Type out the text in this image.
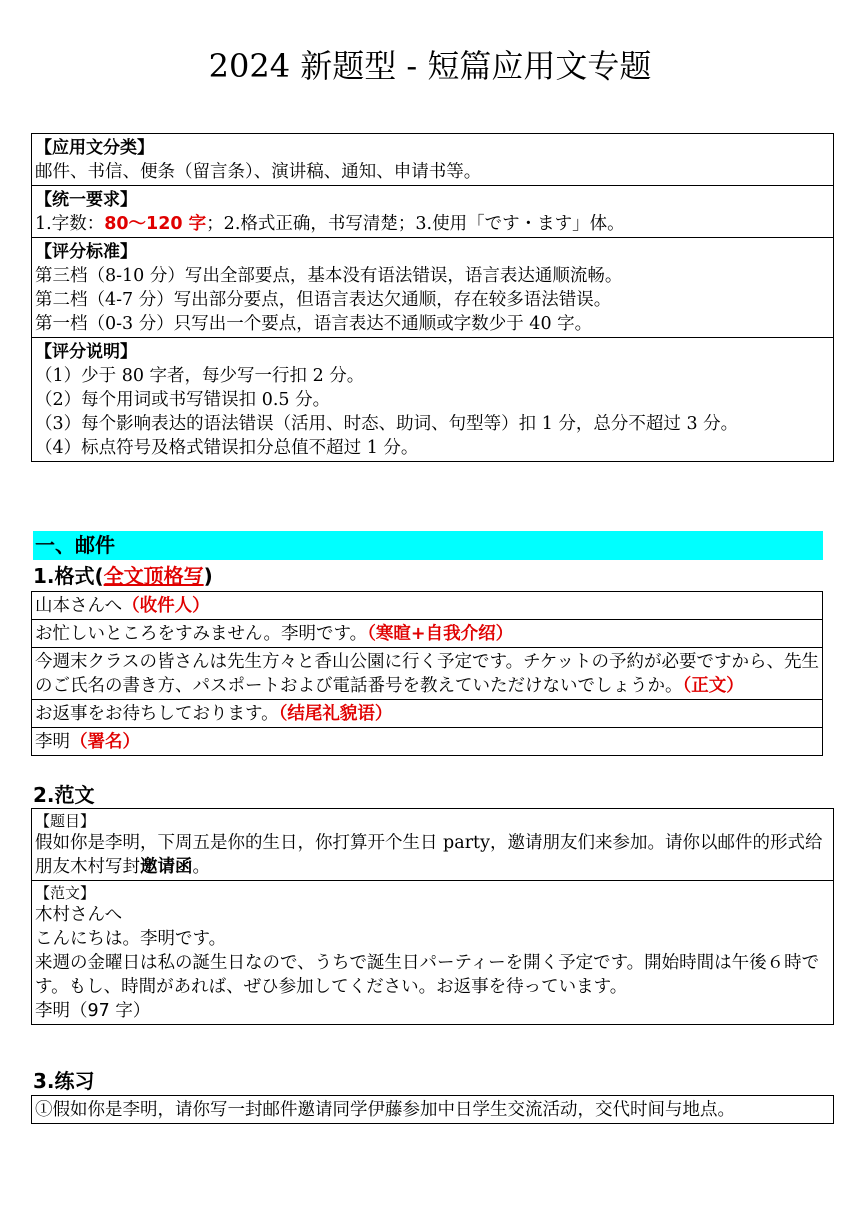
2024 新题型 - 短篇应用文专题
【应用文分类】
邮件、书信、便条（留言条）、演讲稿、通知、申请书等。
【统一要求】
1.字数：80～120 字；2.格式正确，书写清楚；3.使用「です・ます」体。
【评分标准】
第三档（8-10 分）写出全部要点，基本没有语法错误，语言表达通顺流畅。
第二档（4-7 分）写出部分要点，但语言表达欠通顺，存在较多语法错误。
第一档（0-3 分）只写出一个要点，语言表达不通顺或字数少于 40 字。
【评分说明】
（1）少于 80 字者，每少写一行扣 2 分。
（2）每个用词或书写错误扣 0.5 分。
（3）每个影响表达的语法错误（活用、时态、助词、句型等）扣 1 分，总分不超过 3 分。
（4）标点符号及格式错误扣分总值不超过 1 分。
一、邮件
1.格式(全文顶格写)
山本さんへ（收件人）
お忙しいところをすみません。李明です。（寒暄+自我介绍）
今週末クラスの皆さんは先生方々と香山公園に行く予定です。チケットの予約が必要ですから、先生のご氏名の書き方、パスポートおよび電話番号を教えていただけないでしょうか。（正文）
お返事をお待ちしております。（结尾礼貌语）
李明（署名）
2.范文
【题目】
假如你是李明，下周五是你的生日，你打算开个生日 party，邀请朋友们来参加。请你以邮件的形式给朋友木村写封邀请函。
【范文】
木村さんへ
こんにちは。李明です。
来週の金曜日は私の誕生日なので、うちで誕生日パーティーを開く予定です。開始時間は午後６時です。もし、時間があれば、ぜひ参加してください。お返事を待っています。
李明（97 字）
3.练习
①假如你是李明，请你写一封邮件邀请同学伊藤参加中日学生交流活动，交代时间与地点。
